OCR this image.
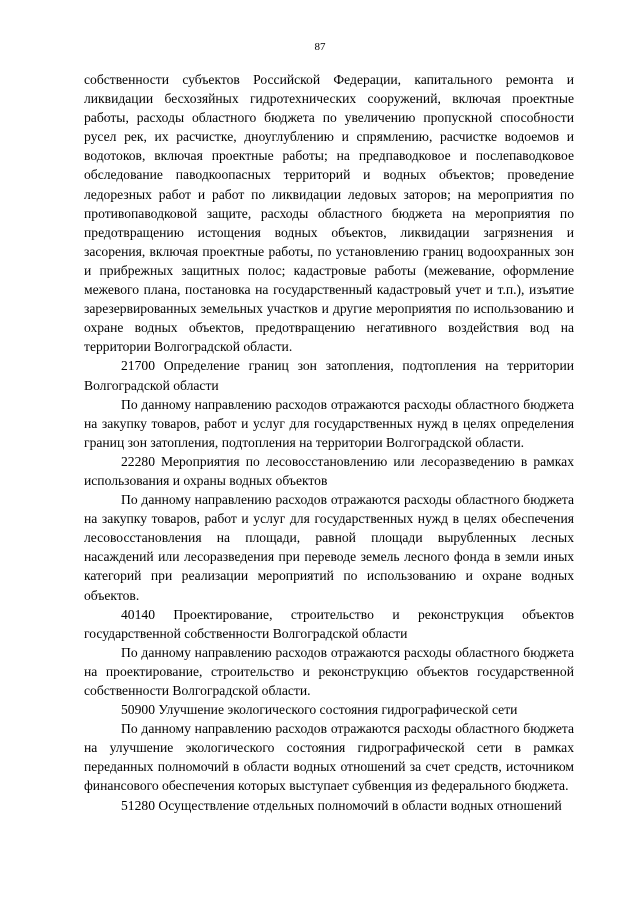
87

собственности субъектов Российской Федерации, капитального ремонта и ликвидации бесхозяйных гидротехнических сооружений, включая проектные работы, расходы областного бюджета по увеличению пропускной способности русел рек, их расчистке, дноуглублению и спрямлению, расчистке водоемов и водотоков, включая проектные работы; на предпаводковое и послепаводковое обследование паводкоопасных территорий и водных объектов; проведение ледорезных работ и работ по ликвидации ледовых заторов; на мероприятия по противопаводковой защите, расходы областного бюджета на мероприятия по предотвращению истощения водных объектов, ликвидации загрязнения и засорения, включая проектные работы, по установлению границ водоохранных зон и прибрежных защитных полос; кадастровые работы (межевание, оформление межевого плана, постановка на государственный кадастровый учет и т.п.), изъятие зарезервированных земельных участков и другие мероприятия по использованию и охране водных объектов, предотвращению негативного воздействия вод на территории Волгоградской области.

21700 Определение границ зон затопления, подтопления на территории Волгоградской области

По данному направлению расходов отражаются расходы областного бюджета на закупку товаров, работ и услуг для государственных нужд в целях определения границ зон затопления, подтопления на территории Волгоградской области.

22280 Мероприятия по лесовосстановлению или лесоразведению в рамках использования и охраны водных объектов

По данному направлению расходов отражаются расходы областного бюджета на закупку товаров, работ и услуг для государственных нужд в целях обеспечения лесовосстановления на площади, равной площади вырубленных лесных насаждений или лесоразведения при переводе земель лесного фонда в земли иных категорий при реализации мероприятий по использованию и охране водных объектов.

40140 Проектирование, строительство и реконструкция объектов государственной собственности Волгоградской области

По данному направлению расходов отражаются расходы областного бюджета на проектирование, строительство и реконструкцию объектов государственной собственности Волгоградской области.

50900 Улучшение экологического состояния гидрографической сети

По данному направлению расходов отражаются расходы областного бюджета на улучшение экологического состояния гидрографической сети в рамках переданных полномочий в области водных отношений за счет средств, источником финансового обеспечения которых выступает субвенция из федерального бюджета.

51280 Осуществление отдельных полномочий в области водных отношений
